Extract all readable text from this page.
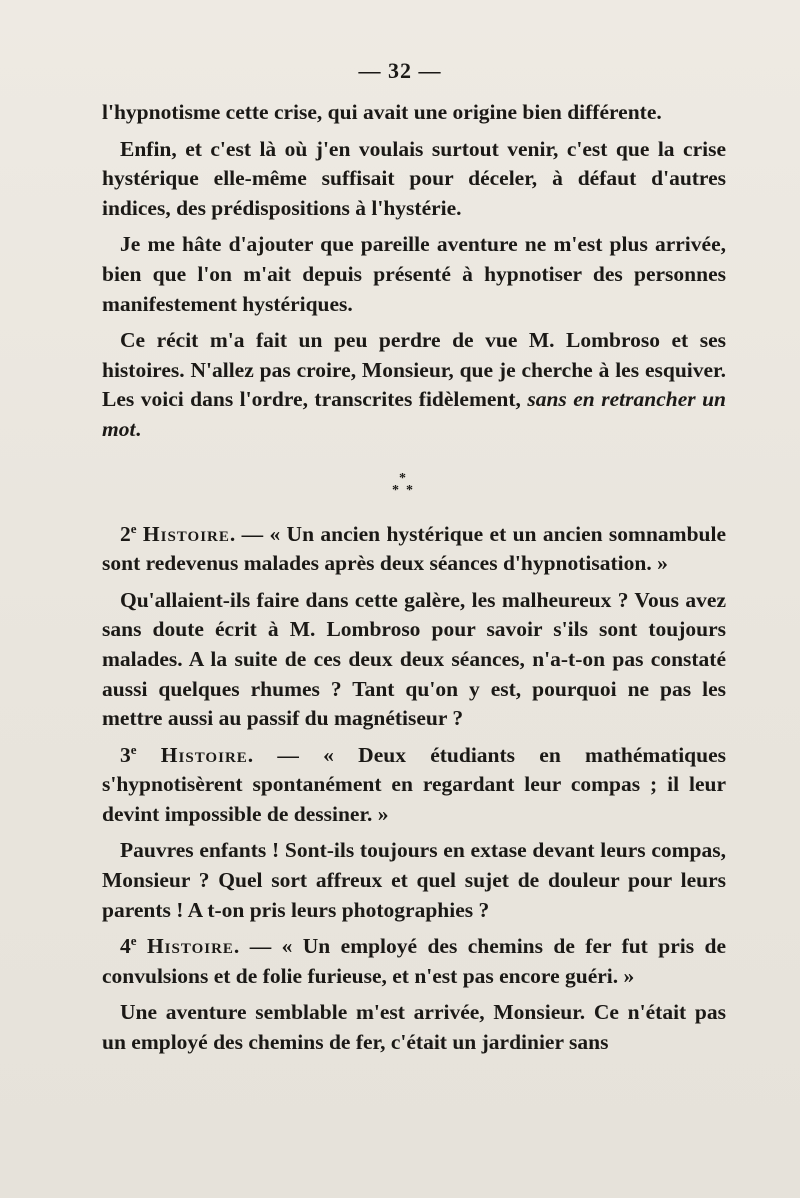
— 32 —

l'hypnotisme cette crise, qui avait une origine bien différente.

Enfin, et c'est là où j'en voulais surtout venir, c'est que la crise hystérique elle-même suffisait pour déceler, à défaut d'autres indices, des prédispositions à l'hystérie.

Je me hâte d'ajouter que pareille aventure ne m'est plus arrivée, bien que l'on m'ait depuis présenté à hypnotiser des personnes manifestement hystériques.

Ce récit m'a fait un peu perdre de vue M. Lombroso et ses histoires. N'allez pas croire, Monsieur, que je cherche à les esquiver. Les voici dans l'ordre, transcrites fidèlement, sans en retrancher un mot.

*
* *

2e Histoire. — « Un ancien hystérique et un ancien somnambule sont redevenus malades après deux séances d'hypnotisation. »

Qu'allaient-ils faire dans cette galère, les malheureux ? Vous avez sans doute écrit à M. Lombroso pour savoir s'ils sont toujours malades. A la suite de ces deux deux séances, n'a-t-on pas constaté aussi quelques rhumes ? Tant qu'on y est, pourquoi ne pas les mettre aussi au passif du magnétiseur ?

3e Histoire. — « Deux étudiants en mathématiques s'hypnotisèrent spontanément en regardant leur compas ; il leur devint impossible de dessiner. »

Pauvres enfants ! Sont-ils toujours en extase devant leurs compas, Monsieur ? Quel sort affreux et quel sujet de douleur pour leurs parents ! A t-on pris leurs photographies ?

4e Histoire. — « Un employé des chemins de fer fut pris de convulsions et de folie furieuse, et n'est pas encore guéri. »

Une aventure semblable m'est arrivée, Monsieur. Ce n'était pas un employé des chemins de fer, c'était un jardinier sans
